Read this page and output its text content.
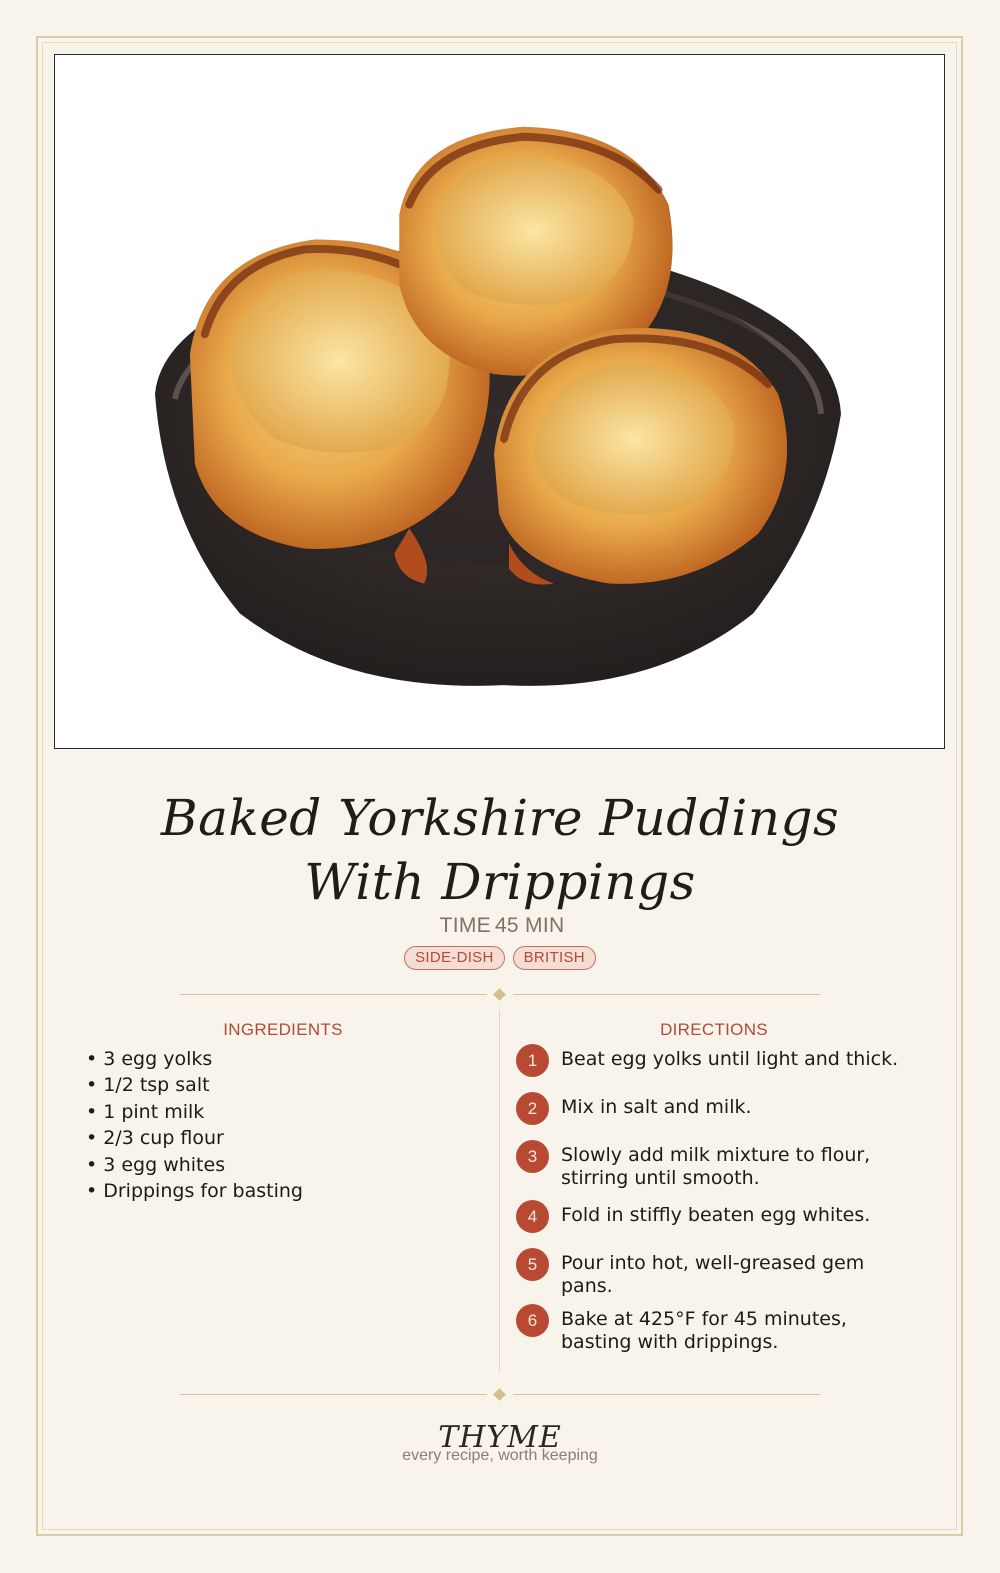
Baked Yorkshire Puddings With Drippings
TIME 45 MIN
SIDE-DISH	BRITISH
INGREDIENTS	DIRECTIONS
• 3 egg yolks
• 1/2 tsp salt
• 1 pint milk
• 2/3 cup flour
• 3 egg whites
• Drippings for basting
1	Beat egg yolks until light and thick.
2	Mix in salt and milk.
3	Slowly add milk mixture to flour, stirring until smooth.
4	Fold in stiffly beaten egg whites.
5	Pour into hot, well-greased gem pans.
6	Bake at 425°F for 45 minutes, basting with drippings.
THYME
every recipe, worth keeping
